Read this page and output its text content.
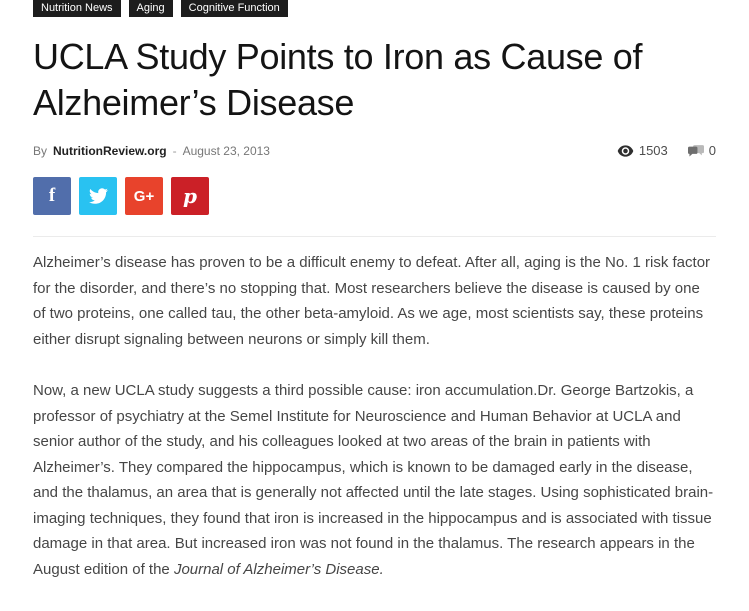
Nutrition News	Aging	Cognitive Function
UCLA Study Points to Iron as Cause of Alzheimer’s Disease
By NutritionReview.org - August 23, 2013	1503	0
f	G+ p

Alzheimer’s disease has proven to be a difficult enemy to defeat. After all, aging is the No. 1 risk factor for the disorder, and there’s no stopping that. Most researchers believe the disease is caused by one of two proteins, one called tau, the other beta-amyloid. As we age, most scientists say, these proteins either disrupt signaling between neurons or simply kill them.

Now, a new UCLA study suggests a third possible cause: iron accumulation.Dr. George Bartzokis, a professor of psychiatry at the Semel Institute for Neuroscience and Human Behavior at UCLA and senior author of the study, and his colleagues looked at two areas of the brain in patients with Alzheimer’s. They compared the hippocampus, which is known to be damaged early in the disease, and the thalamus, an area that is generally not affected until the late stages. Using sophisticated brain-imaging techniques, they found that iron is increased in the hippocampus and is associated with tissue damage in that area. But increased iron was not found in the thalamus. The research appears in the August edition of the Journal of Alzheimer’s Disease.
